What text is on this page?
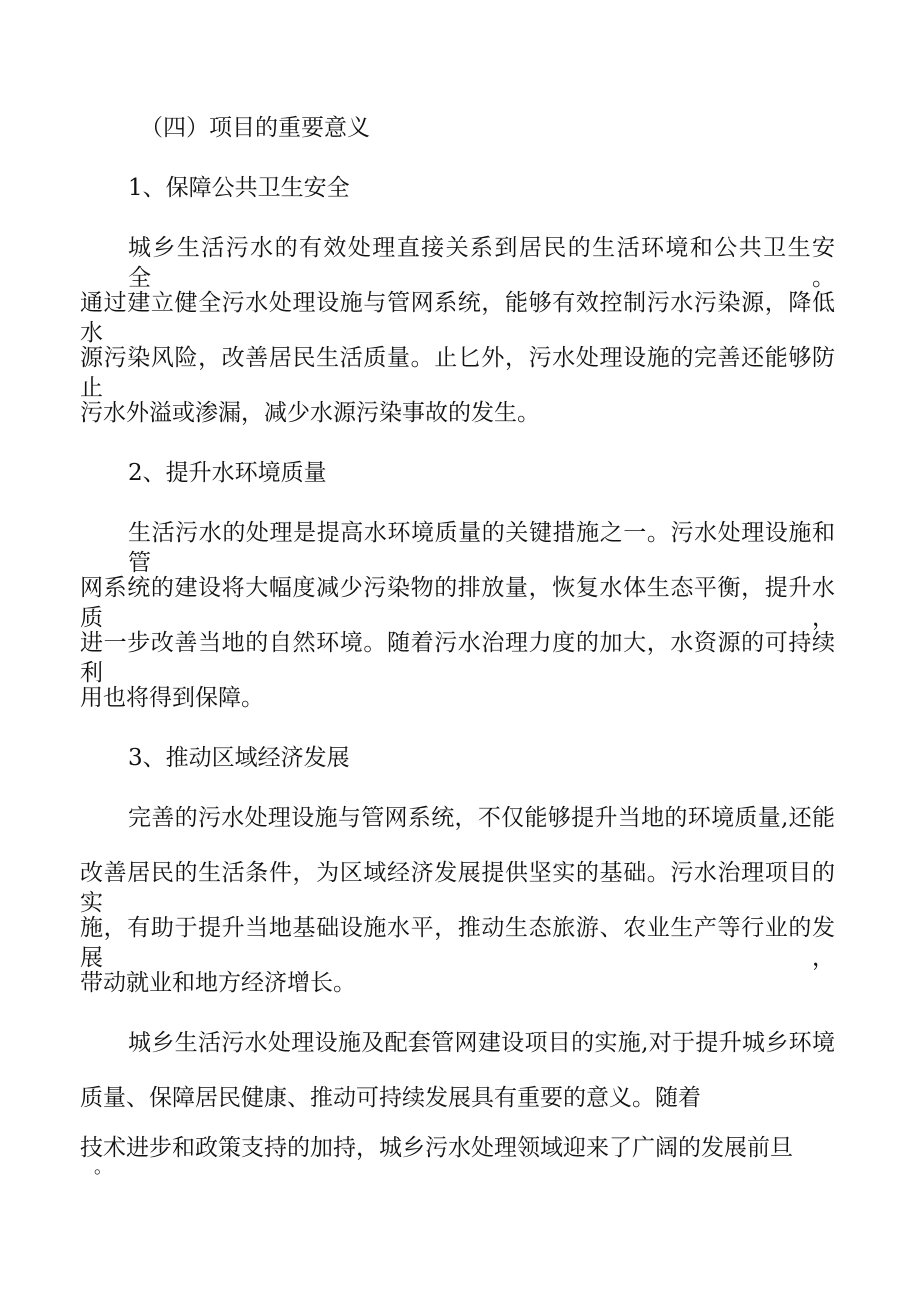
（四）项目的重要意义

1、保障公共卫生安全

城乡生活污水的有效处理直接关系到居民的生活环境和公共卫生安全。

通过建立健全污水处理设施与管网系统，能够有效控制污水污染源，降低水

源污染风险，改善居民生活质量。止匕外，污水处理设施的完善还能够防止

污水外溢或渗漏，减少水源污染事故的发生。

2、提升水环境质量

生活污水的处理是提高水环境质量的关键措施之一。污水处理设施和管

网系统的建设将大幅度减少污染物的排放量，恢复水体生态平衡，提升水质，

进一步改善当地的自然环境。随着污水治理力度的加大，水资源的可持续利

用也将得到保障。

3、推动区域经济发展

完善的污水处理设施与管网系统，不仅能够提升当地的环境质量,还能

改善居民的生活条件，为区域经济发展提供坚实的基础。污水治理项目的实

施，有助于提升当地基础设施水平，推动生态旅游、农业生产等行业的发展，

带动就业和地方经济增长。

城乡生活污水处理设施及配套管网建设项目的实施,对于提升城乡环境

质量、保障居民健康、推动可持续发展具有重要的意义。随着

技术进步和政策支持的加持，城乡污水处理领域迎来了广阔的发展前旦

。
